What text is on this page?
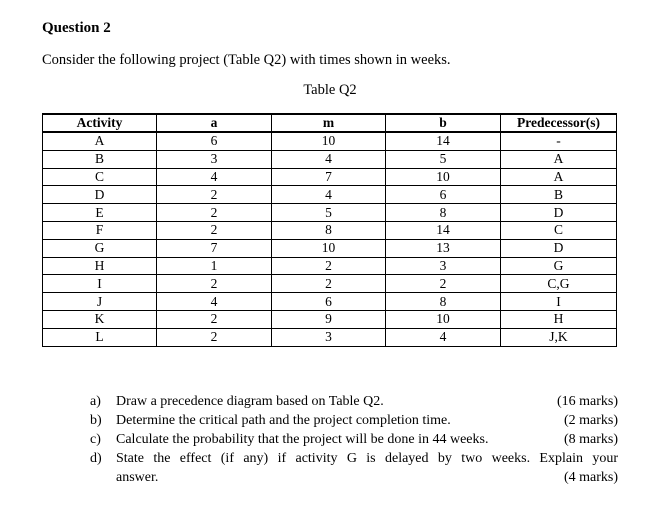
Question 2
Consider the following project (Table Q2) with times shown in weeks.
Table Q2
Activity	a	m	b	Predecessor(s)
A	6	10	14	-
B	3	4	5	A
C	4	7	10	A
D	2	4	6	B
E	2	5	8	D
F	2	8	14	C
G	7	10	13	D
H	1	2	3	G
I	2	2	2	C,G
J	4	6	8	I
K	2	9	10	H
L	2	3	4	J,K
a) Draw a precedence diagram based on Table Q2.	(16 marks)
b) Determine the critical path and the project completion time.	(2 marks)
c) Calculate the probability that the project will be done in 44 weeks.	(8 marks)
d) State the effect (if any) if activity G is delayed by two weeks. Explain your
answer.	(4 marks)
